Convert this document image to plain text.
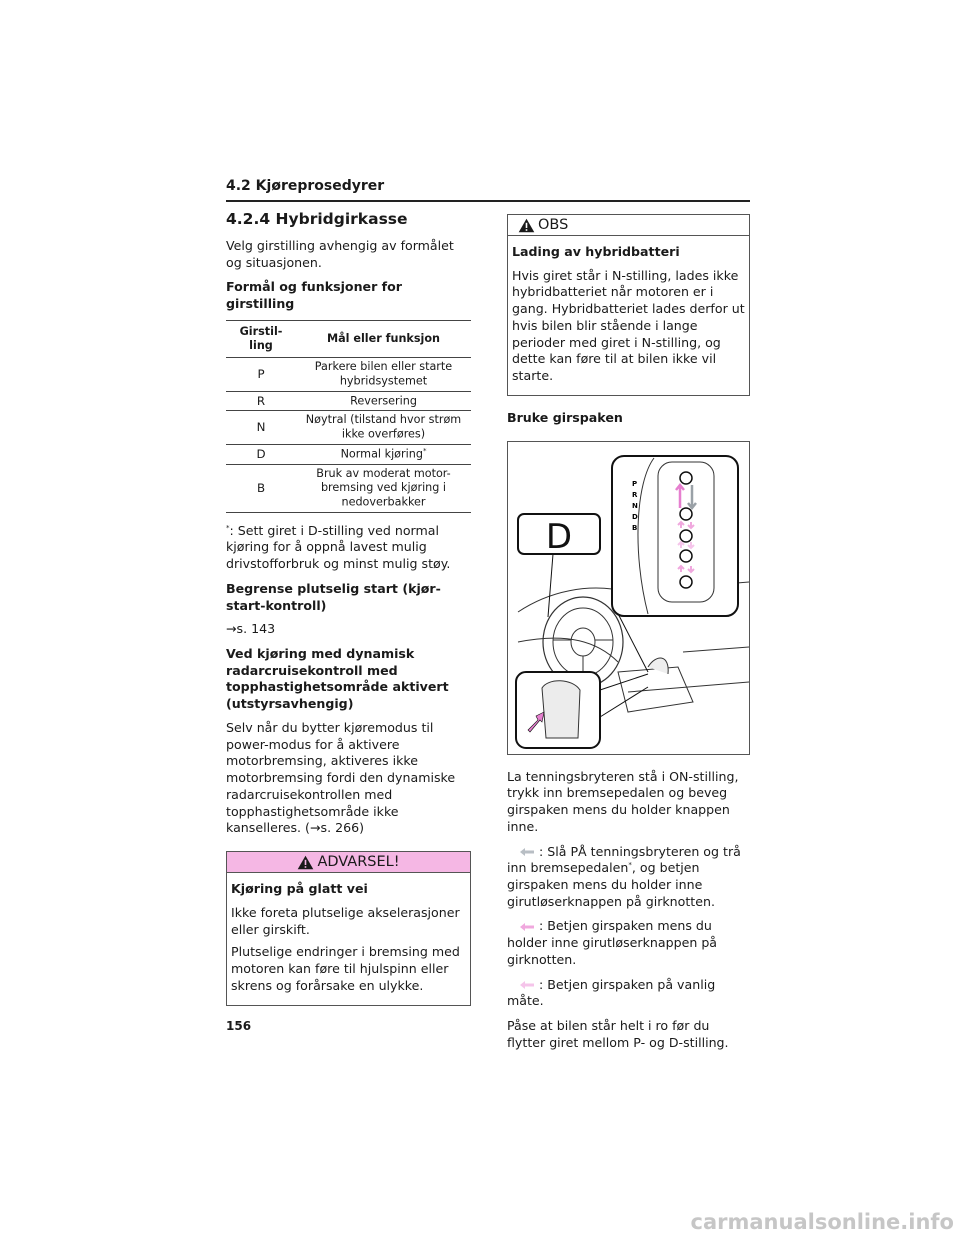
4.2 Kjøreprosedyrer
4.2.4 Hybridgirkasse

Velg girstilling avhengig av formålet og situasjonen.

Formål og funksjoner for girstilling
Girstil-ling	Mål eller funksjon
P	Parkere bilen eller starte hybridsystemet
R	Reversering
N	Nøytral (tilstand hvor strøm ikke overføres)
D	Normal kjøring*
B	Bruk av moderat motor-bremsing ved kjøring i nedoverbakker

*: Sett giret i D-stilling ved normal kjøring for å oppnå lavest mulig drivstofforbruk og minst mulig støy.

Begrense plutselig start (kjør-start-kontroll)

→s. 143

Ved kjøring med dynamisk radarcruisekontroll med topphastighetsområde aktivert (utstyrsavhengig)

Selv når du bytter kjøremodus til power-modus for å aktivere motorbremsing, aktiveres ikke motorbremsing fordi den dynamiske radarcruisekontrollen med topphastighetsområde ikke kanselleres. (→s. 266)

ADVARSEL!
Kjøring på glatt vei

Ikke foreta plutselige akselerasjoner eller girskift.

Plutselige endringer i bremsing med motoren kan føre til hjulspinn eller skrens og forårsake en ulykke.

OBS
Lading av hybridbatteri

Hvis giret står i N-stilling, lades ikke hybridbatteriet når motoren er i gang. Hybridbatteriet lades derfor ut hvis bilen blir stående i lange perioder med giret i N-stilling, og dette kan føre til at bilen ikke vil starte.

Bruke girspaken
D
P
R
N
D
B

La tenningsbryteren stå i ON-stilling, trykk inn bremsepedalen og beveg girspaken mens du holder knappen inne.

: Slå PÅ tenningsbryteren og trå inn bremsepedalen*, og betjen girspaken mens du holder inne girutløserknappen på girknotten.

: Betjen girspaken mens du holder inne girutløserknappen på girknotten.

: Betjen girspaken på vanlig måte.

Påse at bilen står helt i ro før du flytter giret mellom P- og D-stilling.

156
carmanualsonline.info
